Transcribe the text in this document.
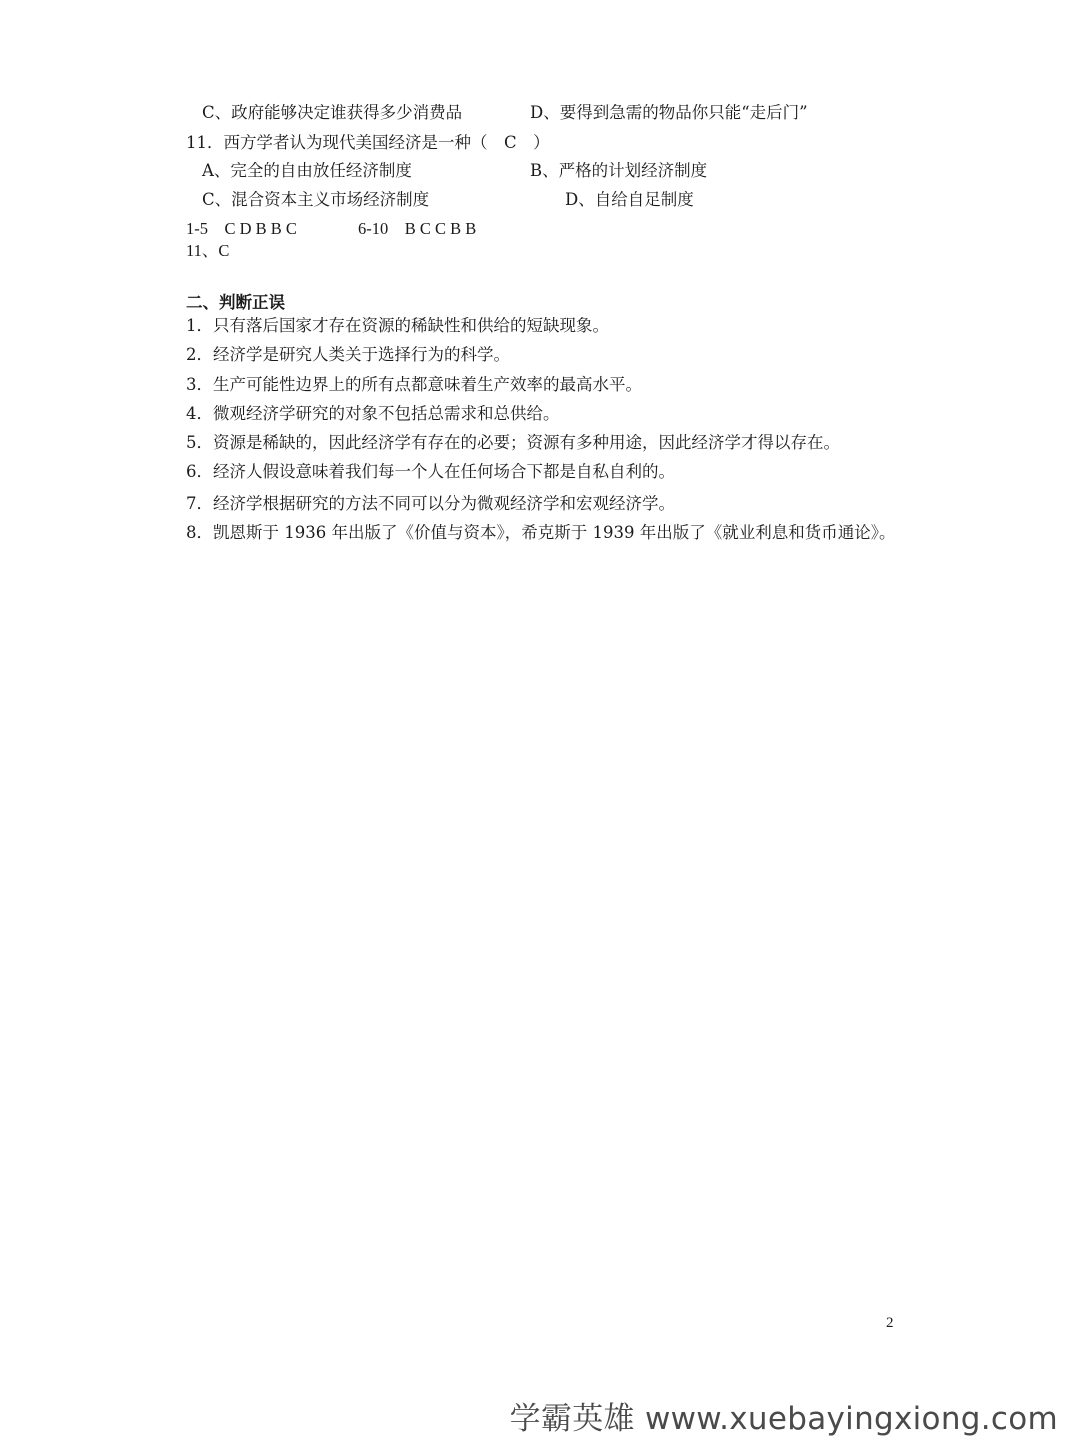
C、政府能够决定谁获得多少消费品	D、要得到急需的物品你只能“走后门”
11．西方学者认为现代美国经济是一种（　C　）
A、完全的自由放任经济制度	B、严格的计划经济制度
C、混合资本主义市场经济制度	D、自给自足制度
1-5　C D B B C	6-10　B C C B B
11、C
二、判断正误
1．只有落后国家才存在资源的稀缺性和供给的短缺现象。
2．经济学是研究人类关于选择行为的科学。
3．生产可能性边界上的所有点都意味着生产效率的最高水平。
4．微观经济学研究的对象不包括总需求和总供给。
5．资源是稀缺的，因此经济学有存在的必要；资源有多种用途，因此经济学才得以存在。
6．经济人假设意味着我们每一个人在任何场合下都是自私自利的。
7．经济学根据研究的方法不同可以分为微观经济学和宏观经济学。
8．凯恩斯于 1936 年出版了《价值与资本》，希克斯于 1939 年出版了《就业利息和货币通论》。
2
学霸英雄 www.xuebayingxiong.com
